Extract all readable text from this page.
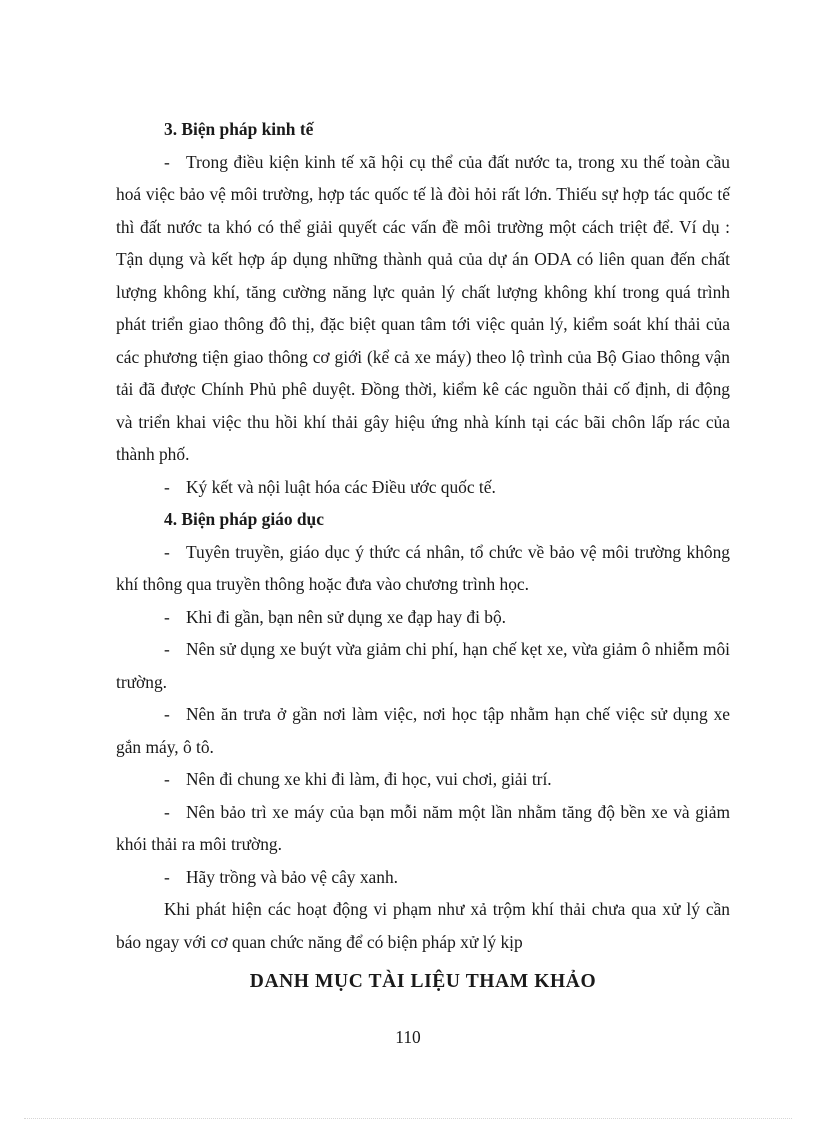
3. Biện pháp kinh tế

- Trong điều kiện kinh tế xã hội cụ thể của đất nước ta, trong xu thế toàn cầu hoá việc bảo vệ môi trường, hợp tác quốc tế là đòi hỏi rất lớn. Thiếu sự hợp tác quốc tế thì đất nước ta khó có thể giải quyết các vấn đề môi trường một cách triệt để. Ví dụ : Tận dụng và kết hợp áp dụng những thành quả của dự án ODA có liên quan đến chất lượng không khí, tăng cường năng lực quản lý chất lượng không khí trong quá trình phát triển giao thông đô thị, đặc biệt quan tâm tới việc quản lý, kiểm soát khí thải của các phương tiện giao thông cơ giới (kể cả xe máy) theo lộ trình của Bộ Giao thông vận tải đã được Chính Phủ phê duyệt. Đồng thời, kiểm kê các nguồn thải cố định, di động và triển khai việc thu hồi khí thải gây hiệu ứng nhà kính tại các bãi chôn lấp rác của thành phố.

- Ký kết và nội luật hóa các Điều ước quốc tế.

4. Biện pháp giáo dục

- Tuyên truyền, giáo dục ý thức cá nhân, tổ chức về bảo vệ môi trường không khí thông qua truyền thông hoặc đưa vào chương trình học.

- Khi đi gần, bạn nên sử dụng xe đạp hay đi bộ.

- Nên sử dụng xe buýt vừa giảm chi phí, hạn chế kẹt xe, vừa giảm ô nhiễm môi trường.

- Nên ăn trưa ở gần nơi làm việc, nơi học tập nhằm hạn chế việc sử dụng xe gắn máy, ô tô.

- Nên đi chung xe khi đi làm, đi học, vui chơi, giải trí.

- Nên bảo trì xe máy của bạn mỗi năm một lần nhằm tăng độ bền xe và giảm khói thải ra môi trường.

- Hãy trồng và bảo vệ cây xanh.

Khi phát hiện các hoạt động vi phạm như xả trộm khí thải chưa qua xử lý cần báo ngay với cơ quan chức năng để có biện pháp xử lý kịp

DANH MỤC TÀI LIỆU THAM KHẢO

110
